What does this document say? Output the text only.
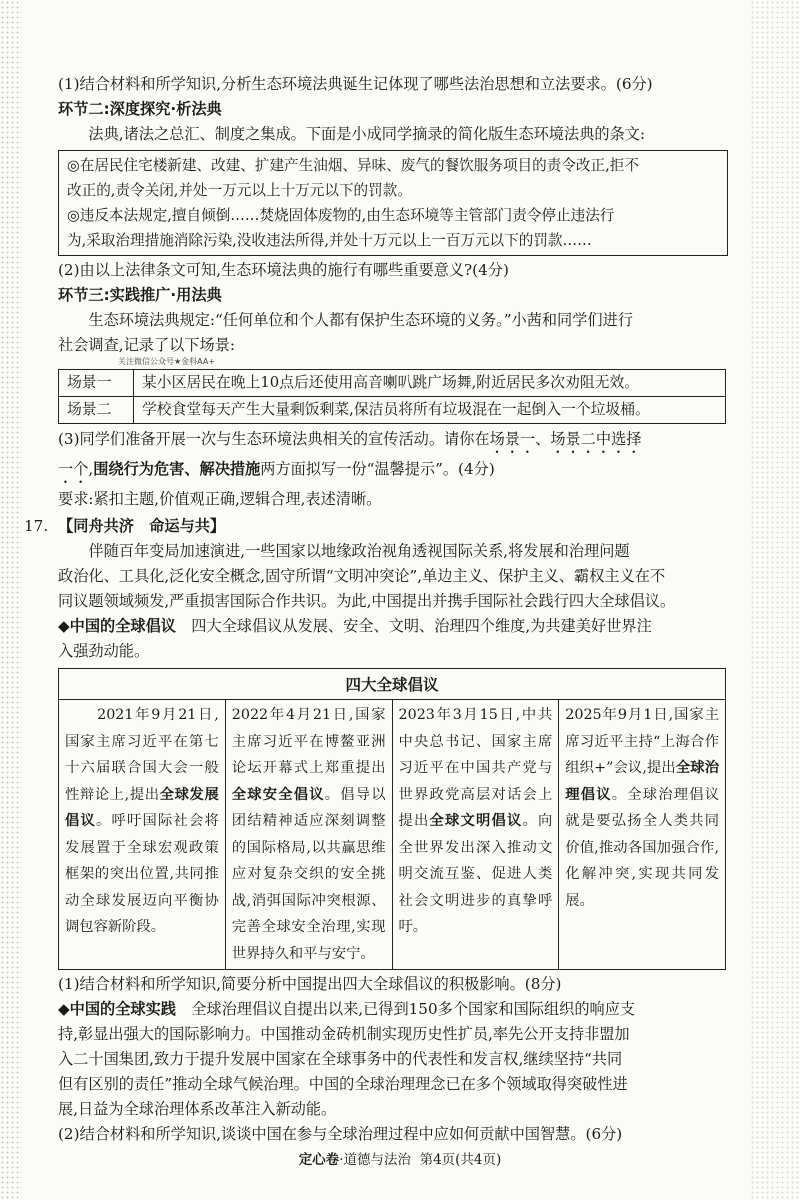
(1)结合材料和所学知识,分析生态环境法典诞生记体现了哪些法治思想和立法要求。(6分)
环节二:深度探究·析法典
法典,诸法之总汇、制度之集成。下面是小成同学摘录的简化版生态环境法典的条文:
◎在居民住宅楼新建、改建、扩建产生油烟、异味、废气的餐饮服务项目的责令改正,拒不
改正的,责令关闭,并处一万元以上十万元以下的罚款。
◎违反本法规定,擅自倾倒……焚烧固体废物的,由生态环境等主管部门责令停止违法行
为,采取治理措施消除污染,没收违法所得,并处十万元以上一百万元以下的罚款……
(2)由以上法律条文可知,生态环境法典的施行有哪些重要意义?(4分)
环节三:实践推广·用法典
生态环境法典规定:“任何单位和个人都有保护生态环境的义务。”小茜和同学们进行
社会调查,记录了以下场景:
关注微信公众号★金科AA+
场景一	某小区居民在晚上10点后还使用高音喇叭跳广场舞,附近居民多次劝阻无效。
场景二	学校食堂每天产生大量剩饭剩菜,保洁员将所有垃圾混在一起倒入一个垃圾桶。
(3)同学们准备开展一次与生态环境法典相关的宣传活动。请你在场景一、场景二中选择
一个,围绕行为危害、解决措施两方面拟写一份“温馨提示”。(4分)
要求:紧扣主题,价值观正确,逻辑合理,表述清晰。
17. 【同舟共济　命运与共】
伴随百年变局加速演进,一些国家以地缘政治视角透视国际关系,将发展和治理问题
政治化、工具化,泛化安全概念,固守所谓“文明冲突论”,单边主义、保护主义、霸权主义在不
同议题领域频发,严重损害国际合作共识。为此,中国提出并携手国际社会践行四大全球倡议。
◆中国的全球倡议　四大全球倡议从发展、安全、文明、治理四个维度,为共建美好世界注
入强劲动能。
四大全球倡议
　　2021年9月21日,国家主席习近平在第七十六届联合国大会一般性辩论上,提出全球发展倡议。呼吁国际社会将发展置于全球宏观政策框架的突出位置,共同推动全球发展迈向平衡协调包容新阶段。	2022年4月21日,国家主席习近平在博鳌亚洲论坛开幕式上郑重提出全球安全倡议。倡导以团结精神适应深刻调整的国际格局,以共赢思维应对复杂交织的安全挑战,消弭国际冲突根源、完善全球安全治理,实现世界持久和平与安宁。	2023年3月15日,中共中央总书记、国家主席习近平在中国共产党与世界政党高层对话会上提出全球文明倡议。向全世界发出深入推动文明交流互鉴、促进人类社会文明进步的真挚呼吁。	2025年9月1日,国家主席习近平主持“上海合作组织+”会议,提出全球治理倡议。全球治理倡议就是要弘扬全人类共同价值,推动各国加强合作,化解冲突,实现共同发展。
(1)结合材料和所学知识,简要分析中国提出四大全球倡议的积极影响。(8分)
◆中国的全球实践　全球治理倡议自提出以来,已得到150多个国家和国际组织的响应支
持,彰显出强大的国际影响力。中国推动金砖机制实现历史性扩员,率先公开支持非盟加
入二十国集团,致力于提升发展中国家在全球事务中的代表性和发言权,继续坚持“共同
但有区别的责任”推动全球气候治理。中国的全球治理理念已在多个领域取得突破性进
展,日益为全球治理体系改革注入新动能。
(2)结合材料和所学知识,谈谈中国在参与全球治理过程中应如何贡献中国智慧。(6分)
定心卷·道德与法治 第4页(共4页)
